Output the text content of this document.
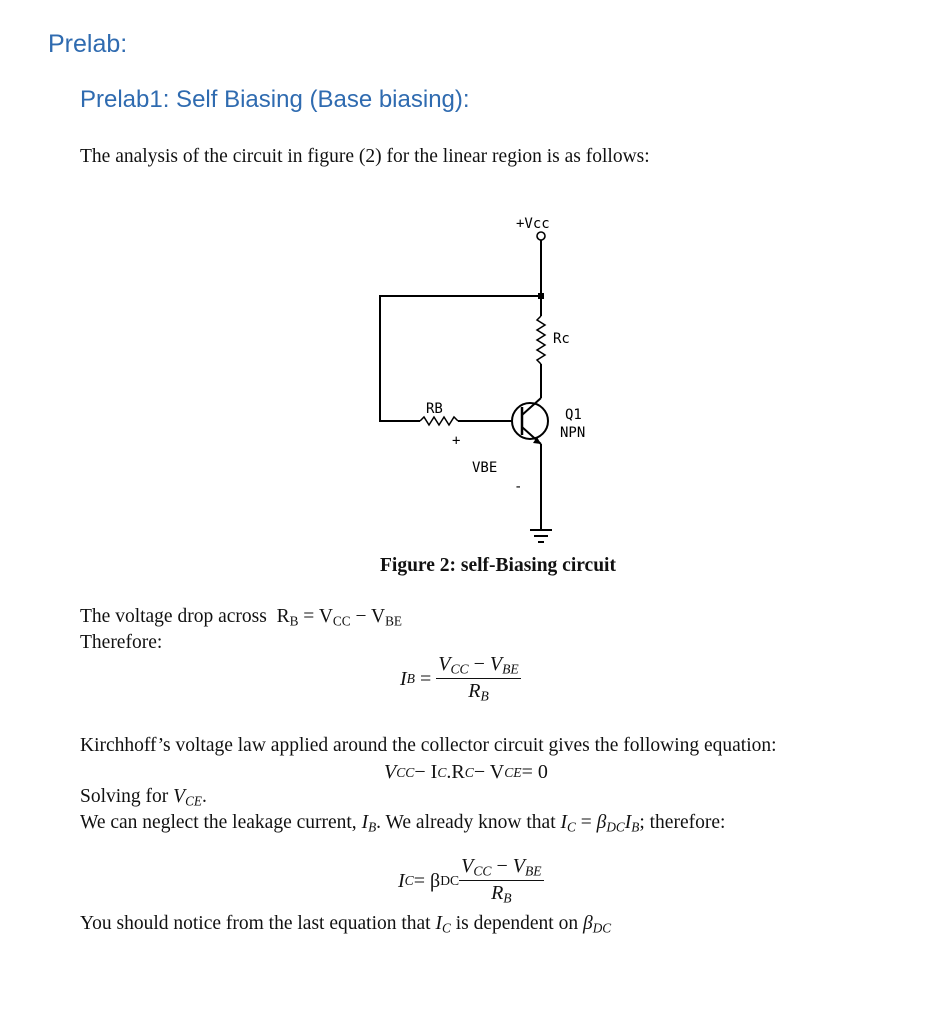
Prelab:
Prelab1: Self Biasing (Base biasing):
The analysis of the circuit in figure (2) for the linear region is as follows:
+Vcc
Rc
RB	Q1
NPN
+
VBE
-
Figure 2: self-Biasing circuit
The voltage drop across $R_B = V_{CC} - V_{BE}$
Therefore:
I B
=
$\frac{V_{CC} - V_{BE}}{R_B}$
Kirchhoff’s voltage law applied around the collector circuit gives the following equation:
V CC − I C .R C − V CE = 0
Solving for $V_{CE}$.
We can neglect the leakage current, $I_B$. We already know that $I_C = \beta_{DC}I_B$; therefore:
I C = β DC $\frac{V_{CC} - V_{BE}}{R_B}$
You should notice from the last equation that $I_C$ is dependent on $\beta_{DC}$
